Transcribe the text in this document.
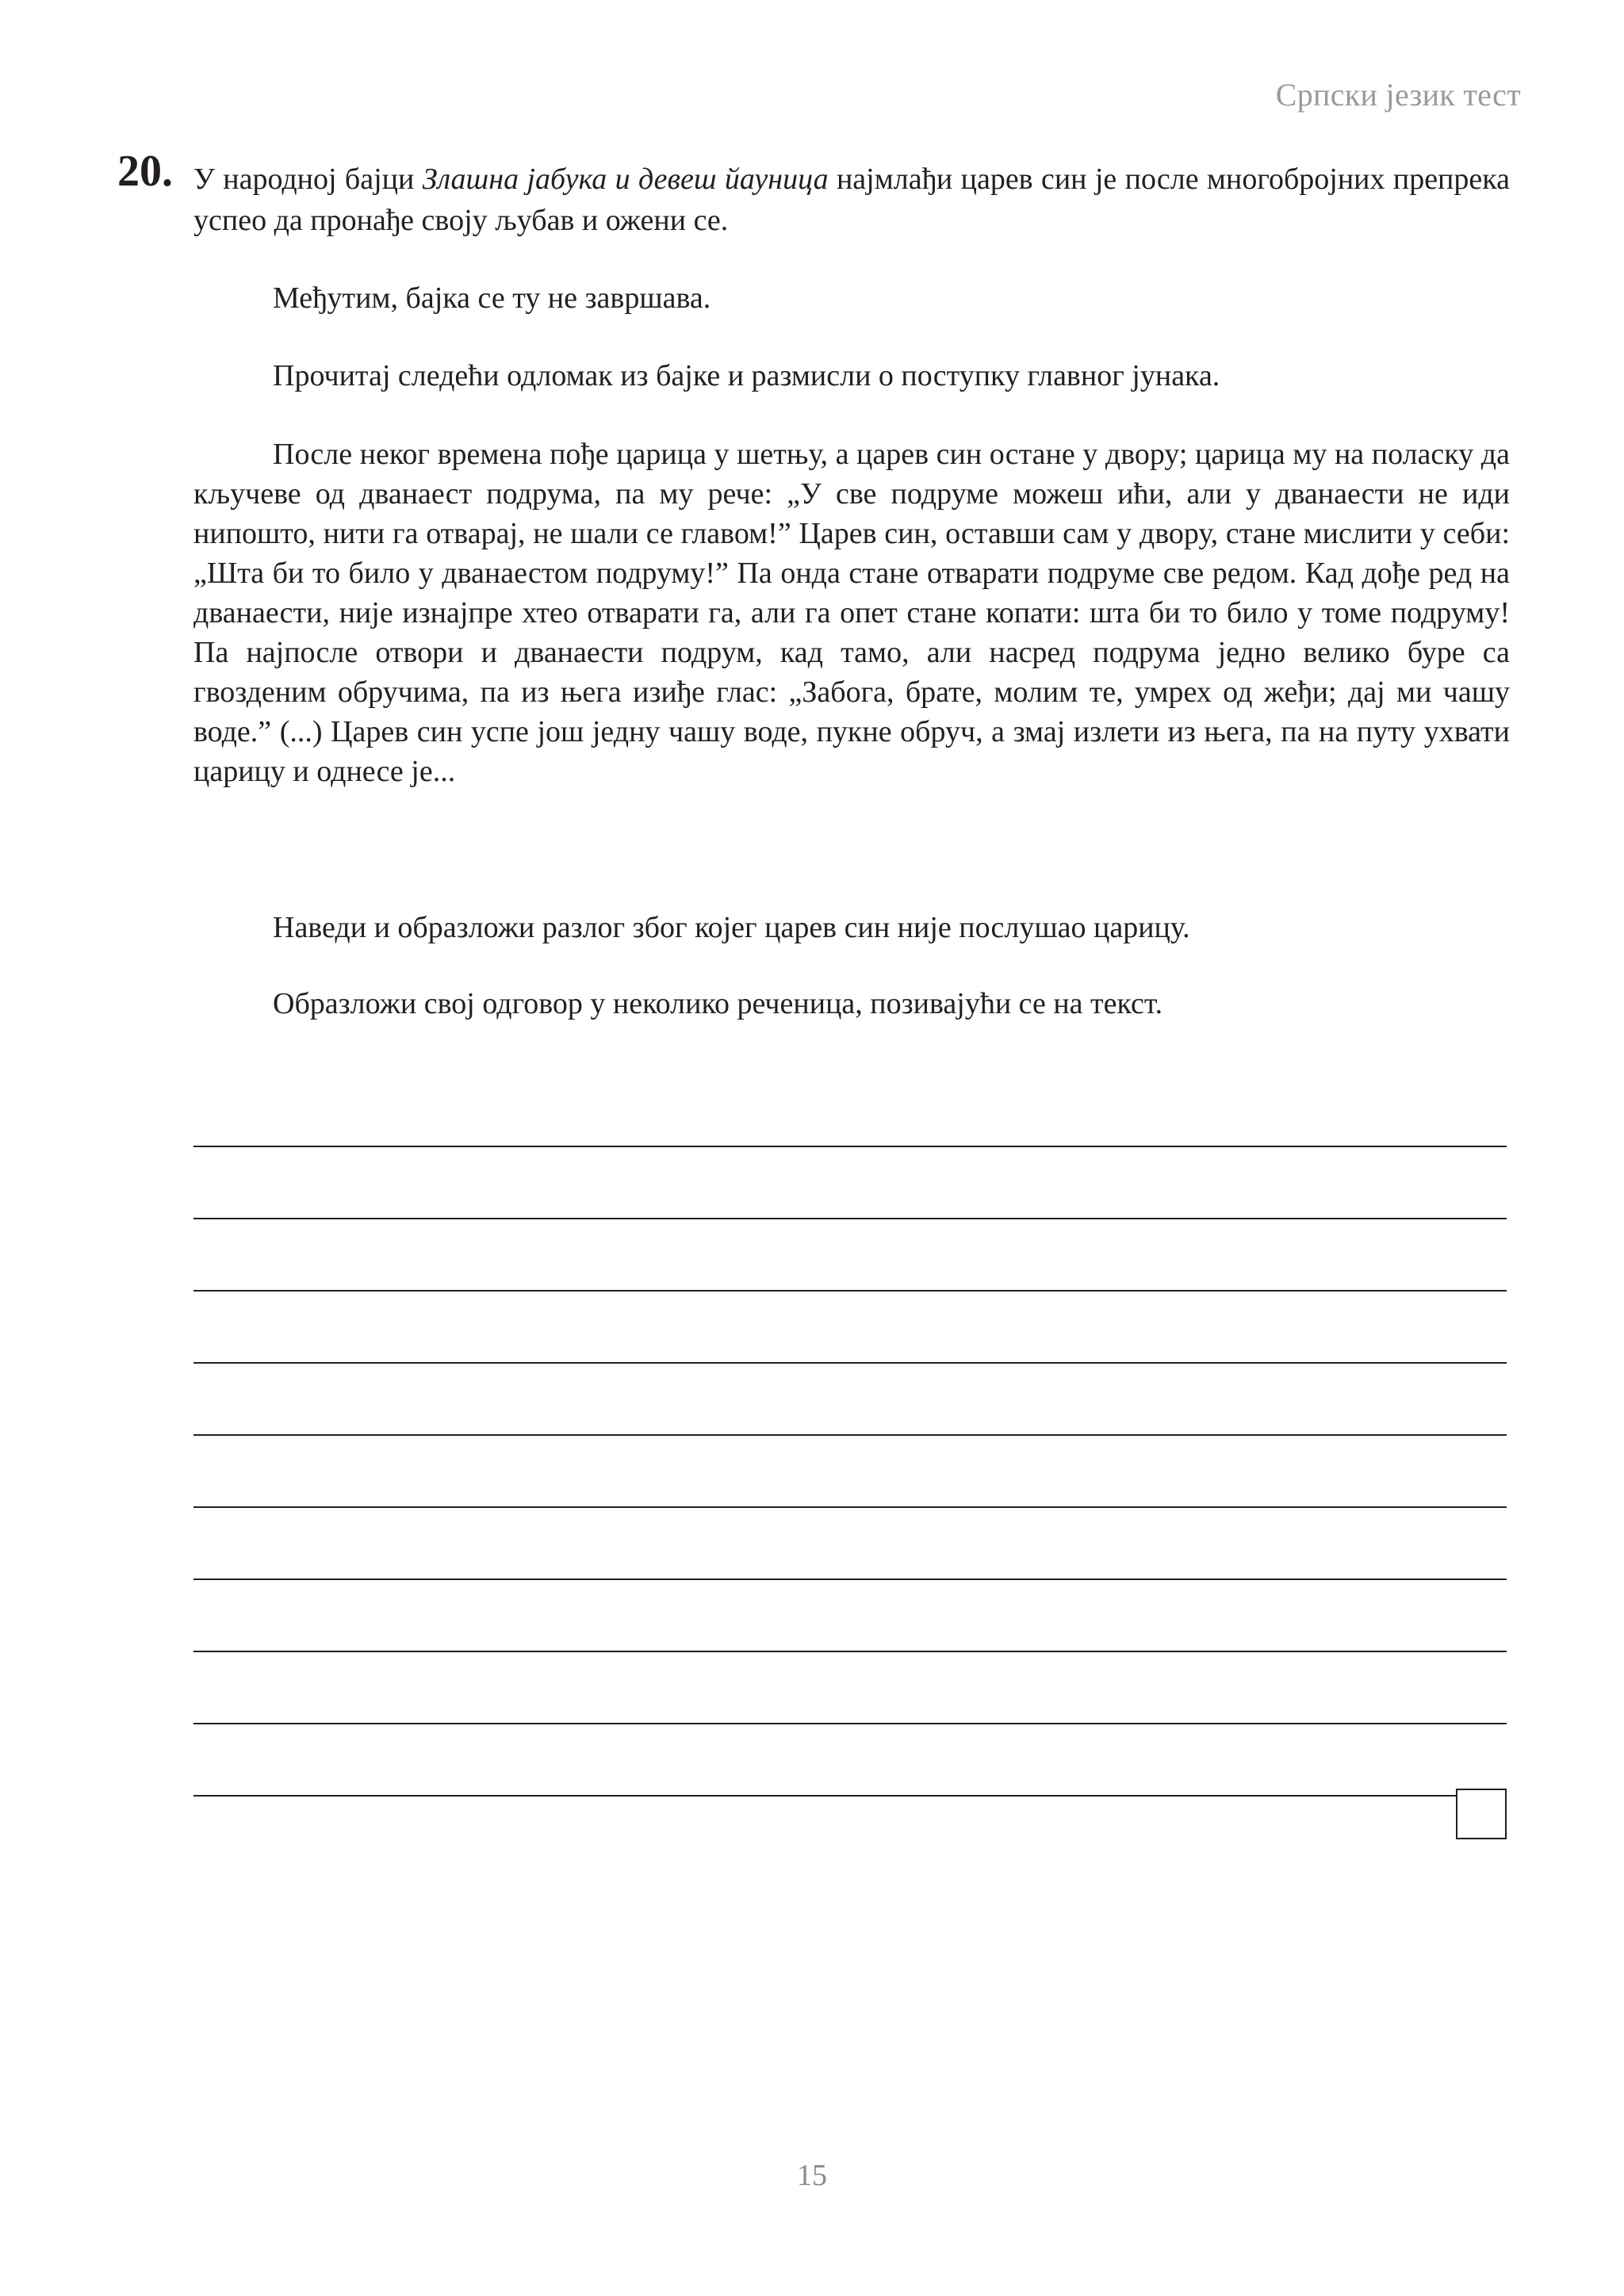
Српски језик тест
20. У народној бајци Злашна јабука и девеш йауница најмлађи царев син је после многобројних препрека успео да пронађе своју љубав и ожени се.

Међутим, бајка се ту не завршава.

Прочитај следећи одломак из бајке и размисли о поступку главног јунака.

После неког времена пође царица у шетњу, а царев син остане у двору; царица му на поласку да кључеве од дванаест подрума, па му рече: „У све подруме можеш ићи, али у дванаести не иди нипошто, нити га отварај, не шали се главом!” Царев син, оставши сам у двору, стане мислити у себи: „Шта би то било у дванаестом подруму!” Па онда стане отварати подруме све редом. Кад дође ред на дванаести, није изнајпре хтео отварати га, али га опет стане копати: шта би то било у томе подруму! Па најпосле отвори и дванаести подрум, кад тамо, али насред подрума једно велико буре са гвозденим обручима, па из њега изиђе глас: „Забога, брате, молим те, умрех од жеђи; дај ми чашу воде.” (...) Царев син успе још једну чашу воде, пукне обруч, а змај излети из њега, па на путу ухвати царицу и однесе је...

Наведи и образложи разлог због којег царев син није послушао царицу.

Образложи свој одговор у неколико реченица, позивајући се на текст.

15
